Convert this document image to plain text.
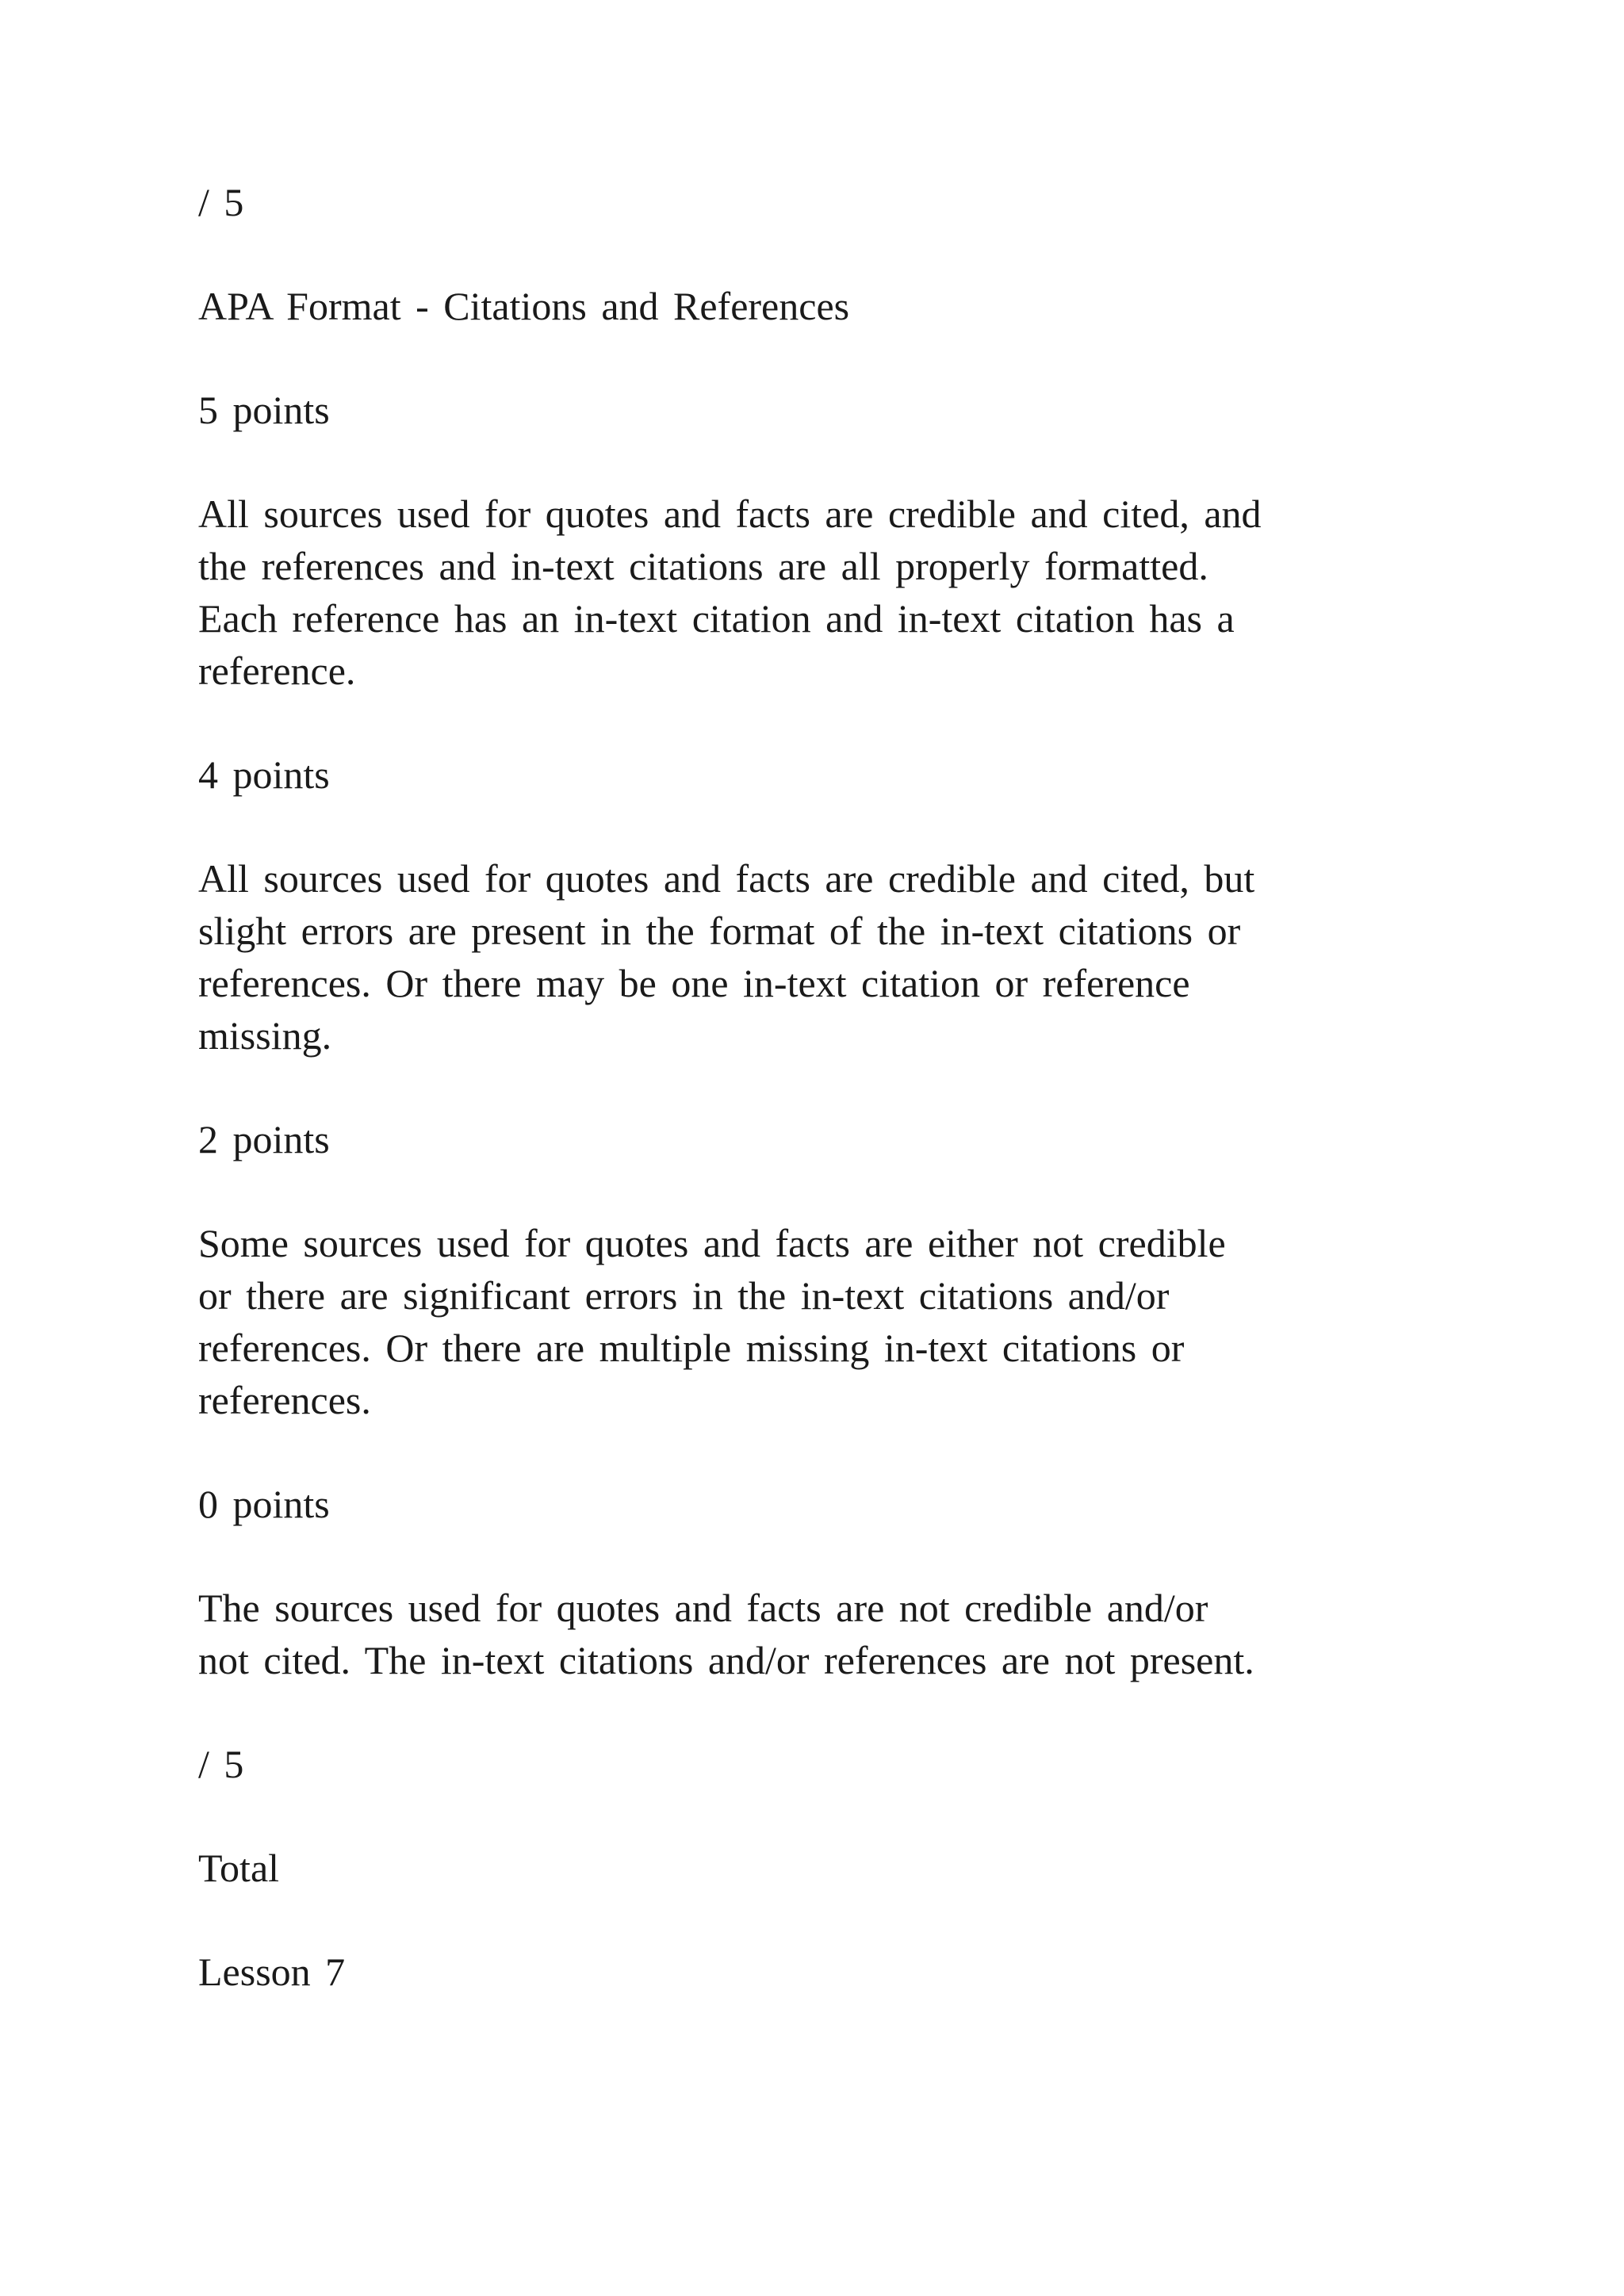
/ 5

APA Format - Citations and References

5 points

All sources used for quotes and facts are credible and cited, and
the references and in-text citations are all properly formatted.
Each reference has an in-text citation and in-text citation has a
reference.

4 points

All sources used for quotes and facts are credible and cited, but
slight errors are present in the format of the in-text citations or
references. Or there may be one in-text citation or reference
missing.

2 points

Some sources used for quotes and facts are either not credible
or there are significant errors in the in-text citations and/or
references. Or there are multiple missing in-text citations or
references.

0 points

The sources used for quotes and facts are not credible and/or
not cited. The in-text citations and/or references are not present.

/ 5

Total

Lesson 7
